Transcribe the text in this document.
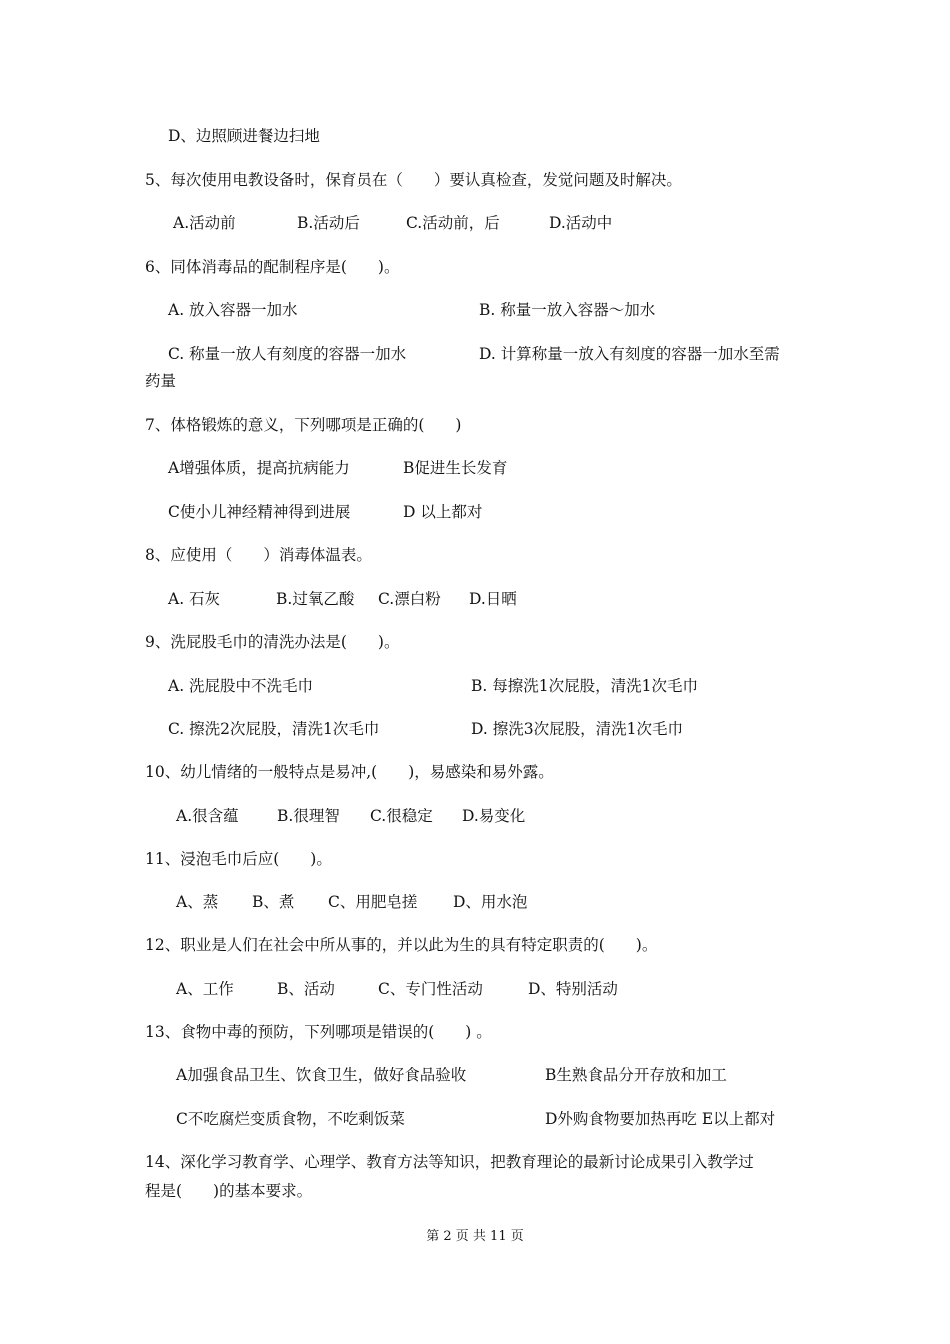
D、边照顾进餐边扫地
5、每次使用电教设备时，保育员在（　　）要认真检查，发觉问题及时解决。
A.活动前	B.活动后	C.活动前，后	D.活动中
6、同体消毒品的配制程序是(　　)。
A. 放入容器一加水	B. 称量一放入容器～加水
C. 称量一放人有刻度的容器一加水	D. 计算称量一放入有刻度的容器一加水至需
药量
7、体格锻炼的意义，下列哪项是正确的(　　)
A增强体质，提高抗病能力	B促进生长发育
C使小儿神经精神得到进展	D 以上都对
8、应使用（　　）消毒体温表。
A. 石灰	B.过氧乙酸 C.漂白粉 D.日晒
9、洗屁股毛巾的清洗办法是(　　)。
A. 洗屁股中不洗毛巾	B. 每擦洗1次屁股，清洗1次毛巾
C. 擦洗2次屁股，清洗1次毛巾	D. 擦洗3次屁股，清洗1次毛巾
10、幼儿情绪的一般特点是易冲,(　　)，易感染和易外露。
A.很含蕴 B.很理智 C.很稳定 D.易变化
11、浸泡毛巾后应(　　)。
A、蒸 B、煮 C、用肥皂搓 D、用水泡
12、职业是人们在社会中所从事的，并以此为生的具有特定职责的(　　)。
A、工作	B、活动	C、专门性活动	D、特别活动
13、食物中毒的预防，下列哪项是错误的(　　) 。
A加强食品卫生、饮食卫生，做好食品验收	B生熟食品分开存放和加工
C不吃腐烂变质食物，不吃剩饭菜	D外购食物要加热再吃 E以上都对
14、深化学习教育学、心理学、教育方法等知识，把教育理论的最新讨论成果引入教学过
程是(　　)的基本要求。
第 2 页 共 11 页
